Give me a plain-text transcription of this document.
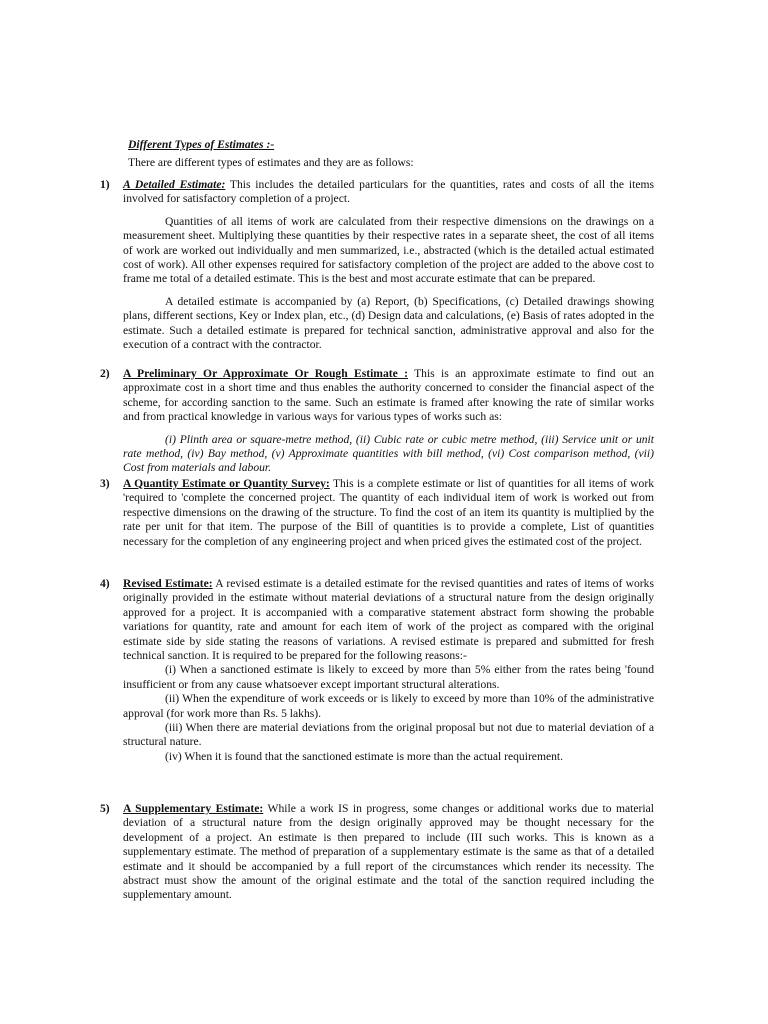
Different Types of Estimates :-
There are different types of estimates and they are as follows:
1) A Detailed Estimate: This includes the detailed particulars for the quantities, rates and costs of all the items involved for satisfactory completion of a project.

Quantities of all items of work are calculated from their respective dimensions on the drawings on a measurement sheet. Multiplying these quantities by their respective rates in a separate sheet, the cost of all items of work are worked out individually and men summarized, i.e., abstracted (which is the detailed actual estimated cost of work). All other expenses required for satisfactory completion of the project are added to the above cost to frame me total of a detailed estimate. This is the best and most accurate estimate that can be prepared.

A detailed estimate is accompanied by (a) Report, (b) Specifications, (c) Detailed drawings showing plans, different sections, Key or Index plan, etc., (d) Design data and calculations, (e) Basis of rates adopted in the estimate. Such a detailed estimate is prepared for technical sanction, administrative approval and also for the execution of a contract with the contractor.

2) A Preliminary Or Approximate Or Rough Estimate : This is an approximate estimate to find out an approximate cost in a short time and thus enables the authority concerned to consider the financial aspect of the scheme, for according sanction to the same. Such an estimate is framed after knowing the rate of similar works and from practical knowledge in various ways for various types of works such as:

(i) Plinth area or square-metre method, (ii) Cubic rate or cubic metre method, (iii) Service unit or unit rate method, (iv) Bay method, (v) Approximate quantities with bill method, (vi) Cost comparison method, (vii) Cost from materials and labour.

3) A Quantity Estimate or Quantity Survey: This is a complete estimate or list of quantities for all items of work 'required to 'complete the concerned project. The quantity of each individual item of work is worked out from respective dimensions on the drawing of the structure. To find the cost of an item its quantity is multiplied by the rate per unit for that item. The purpose of the Bill of quantities is to provide a complete, List of quantities necessary for the completion of any engineering project and when priced gives the estimated cost of the project.

4) Revised Estimate: A revised estimate is a detailed estimate for the revised quantities and rates of items of works originally provided in the estimate without material deviations of a structural nature from the design originally approved for a project. It is accompanied with a comparative statement abstract form showing the probable variations for quantity, rate and amount for each item of work of the project as compared with the original estimate side by side stating the reasons of variations. A revised estimate is prepared and submitted for fresh technical sanction. It is required to be prepared for the following reasons:-

(i) When a sanctioned estimate is likely to exceed by more than 5% either from the rates being 'found insufficient or from any cause whatsoever except important structural alterations.

(ii) When the expenditure of work exceeds or is likely to exceed by more than 10% of the administrative approval (for work more than Rs. 5 lakhs).

(iii) When there are material deviations from the original proposal but not due to material deviation of a structural nature.

(iv) When it is found that the sanctioned estimate is more than the actual requirement.

5) A Supplementary Estimate: While a work IS in progress, some changes or additional works due to material deviation of a structural nature from the design originally approved may be thought necessary for the development of a project. An estimate is then prepared to include (III such works. This is known as a supplementary estimate. The method of preparation of a supplementary estimate is the same as that of a detailed estimate and it should be accompanied by a full report of the circumstances which render its necessity. The abstract must show the amount of the original estimate and the total of the sanction required including the supplementary amount.
